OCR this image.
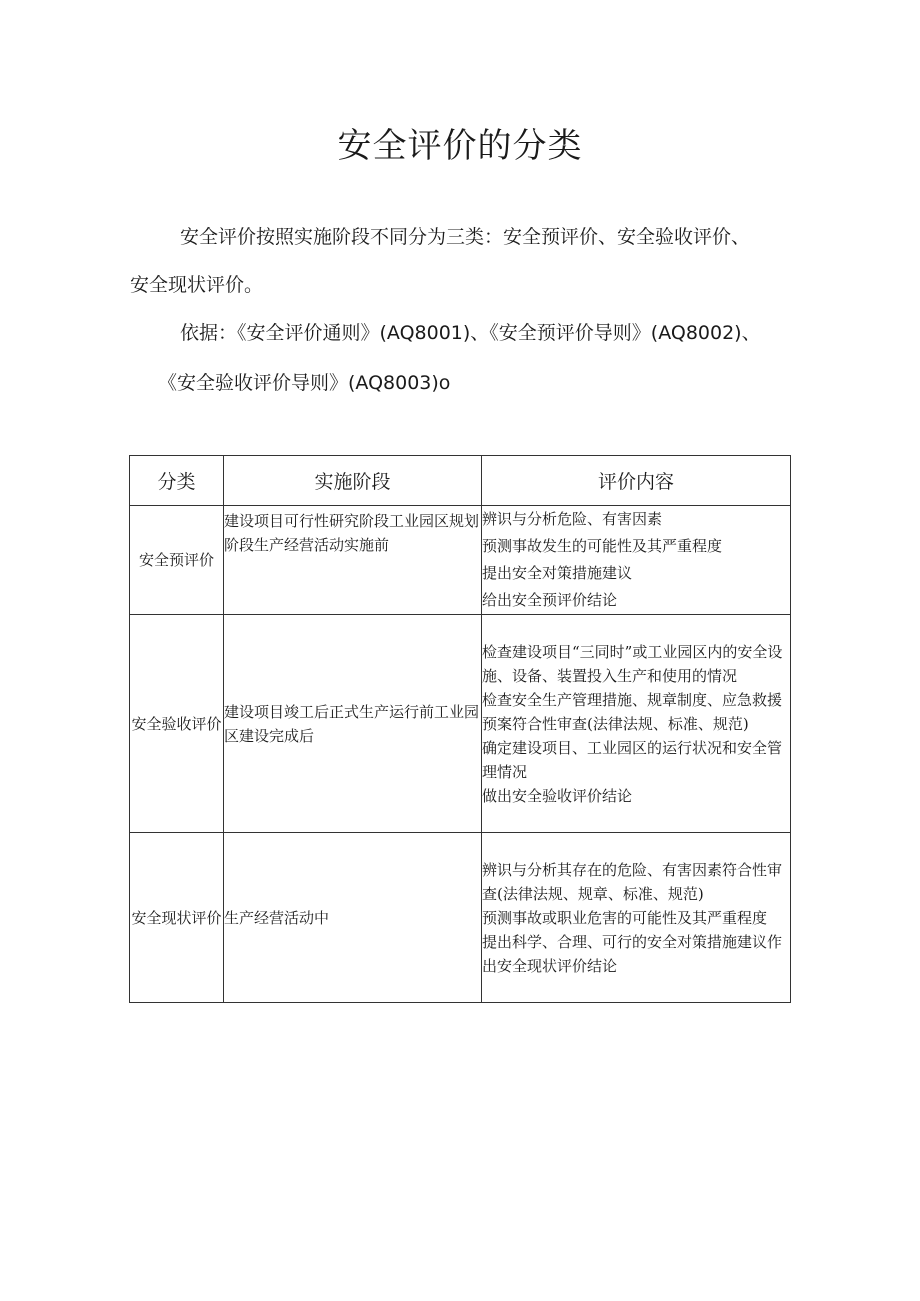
安全评价的分类

安全评价按照实施阶段不同分为三类：安全预评价、安全验收评价、

安全现状评价。

依据：《安全评价通则》(AQ8001)、《安全预评价导则》(AQ8002)、

《安全验收评价导则》(AQ8003)o

分类	实施阶段	评价内容
安全预评价	建设项目可行性研究阶段工业园区规划阶段生产经营活动实施前	辨识与分析危险、有害因素
预测事故发生的可能性及其严重程度
提出安全对策措施建议
给出安全预评价结论

安全验收评价	建设项目竣工后正式生产运行前工业园区建设完成后	检查建设项目“三同时”或工业园区内的安全设施、设备、装置投入生产和使用的情况
检查安全生产管理措施、规章制度、应急救援预案符合性审查(法律法规、标准、规范)
确定建设项目、工业园区的运行状况和安全管理情况
做出安全验收评价结论

安全现状评价	生产经营活动中	辨识与分析其存在的危险、有害因素符合性审查(法律法规、规章、标准、规范)
预测事故或职业危害的可能性及其严重程度
提出科学、合理、可行的安全对策措施建议作出安全现状评价结论
